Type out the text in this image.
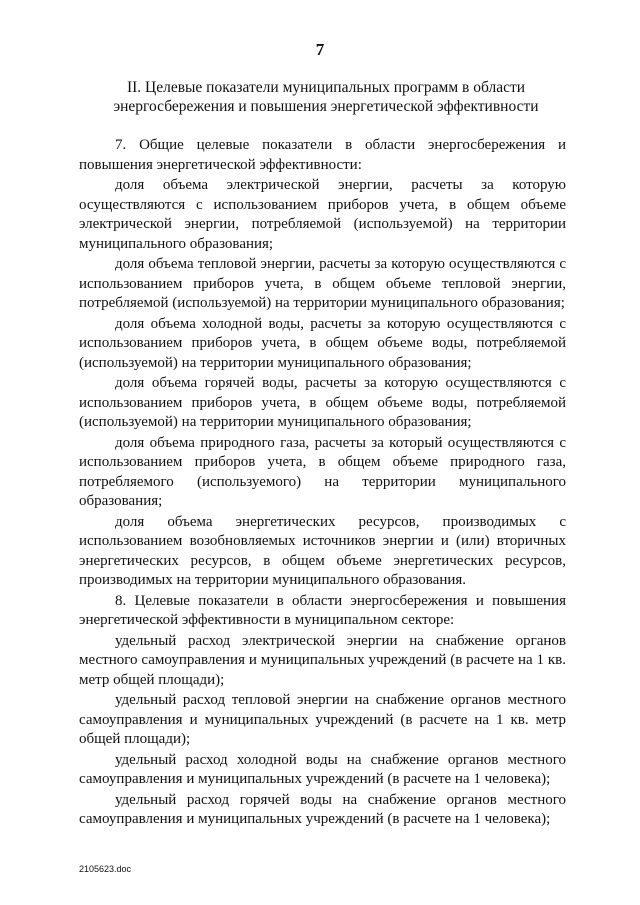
7
II. Целевые показатели муниципальных программ в области
энергосбережения и повышения энергетической эффективности

7. Общие целевые показатели в области энергосбережения и повышения энергетической эффективности:

доля объема электрической энергии, расчеты за которую осуществляются с использованием приборов учета, в общем объеме электрической энергии, потребляемой (используемой) на территории муниципального образования;

доля объема тепловой энергии, расчеты за которую осуществляются с использованием приборов учета, в общем объеме тепловой энергии, потребляемой (используемой) на территории муниципального образования;

доля объема холодной воды, расчеты за которую осуществляются с использованием приборов учета, в общем объеме воды, потребляемой (используемой) на территории муниципального образования;

доля объема горячей воды, расчеты за которую осуществляются с использованием приборов учета, в общем объеме воды, потребляемой (используемой) на территории муниципального образования;

доля объема природного газа, расчеты за который осуществляются с использованием приборов учета, в общем объеме природного газа, потребляемого (используемого) на территории муниципального образования;

доля объема энергетических ресурсов, производимых с использованием возобновляемых источников энергии и (или) вторичных энергетических ресурсов, в общем объеме энергетических ресурсов, производимых на территории муниципального образования.

8. Целевые показатели в области энергосбережения и повышения энергетической эффективности в муниципальном секторе:

удельный расход электрической энергии на снабжение органов местного самоуправления и муниципальных учреждений (в расчете на 1 кв. метр общей площади);

удельный расход тепловой энергии на снабжение органов местного самоуправления и муниципальных учреждений (в расчете на 1 кв. метр общей площади);

удельный расход холодной воды на снабжение органов местного самоуправления и муниципальных учреждений (в расчете на 1 человека);

удельный расход горячей воды на снабжение органов местного самоуправления и муниципальных учреждений (в расчете на 1 человека);

2105623.doc
